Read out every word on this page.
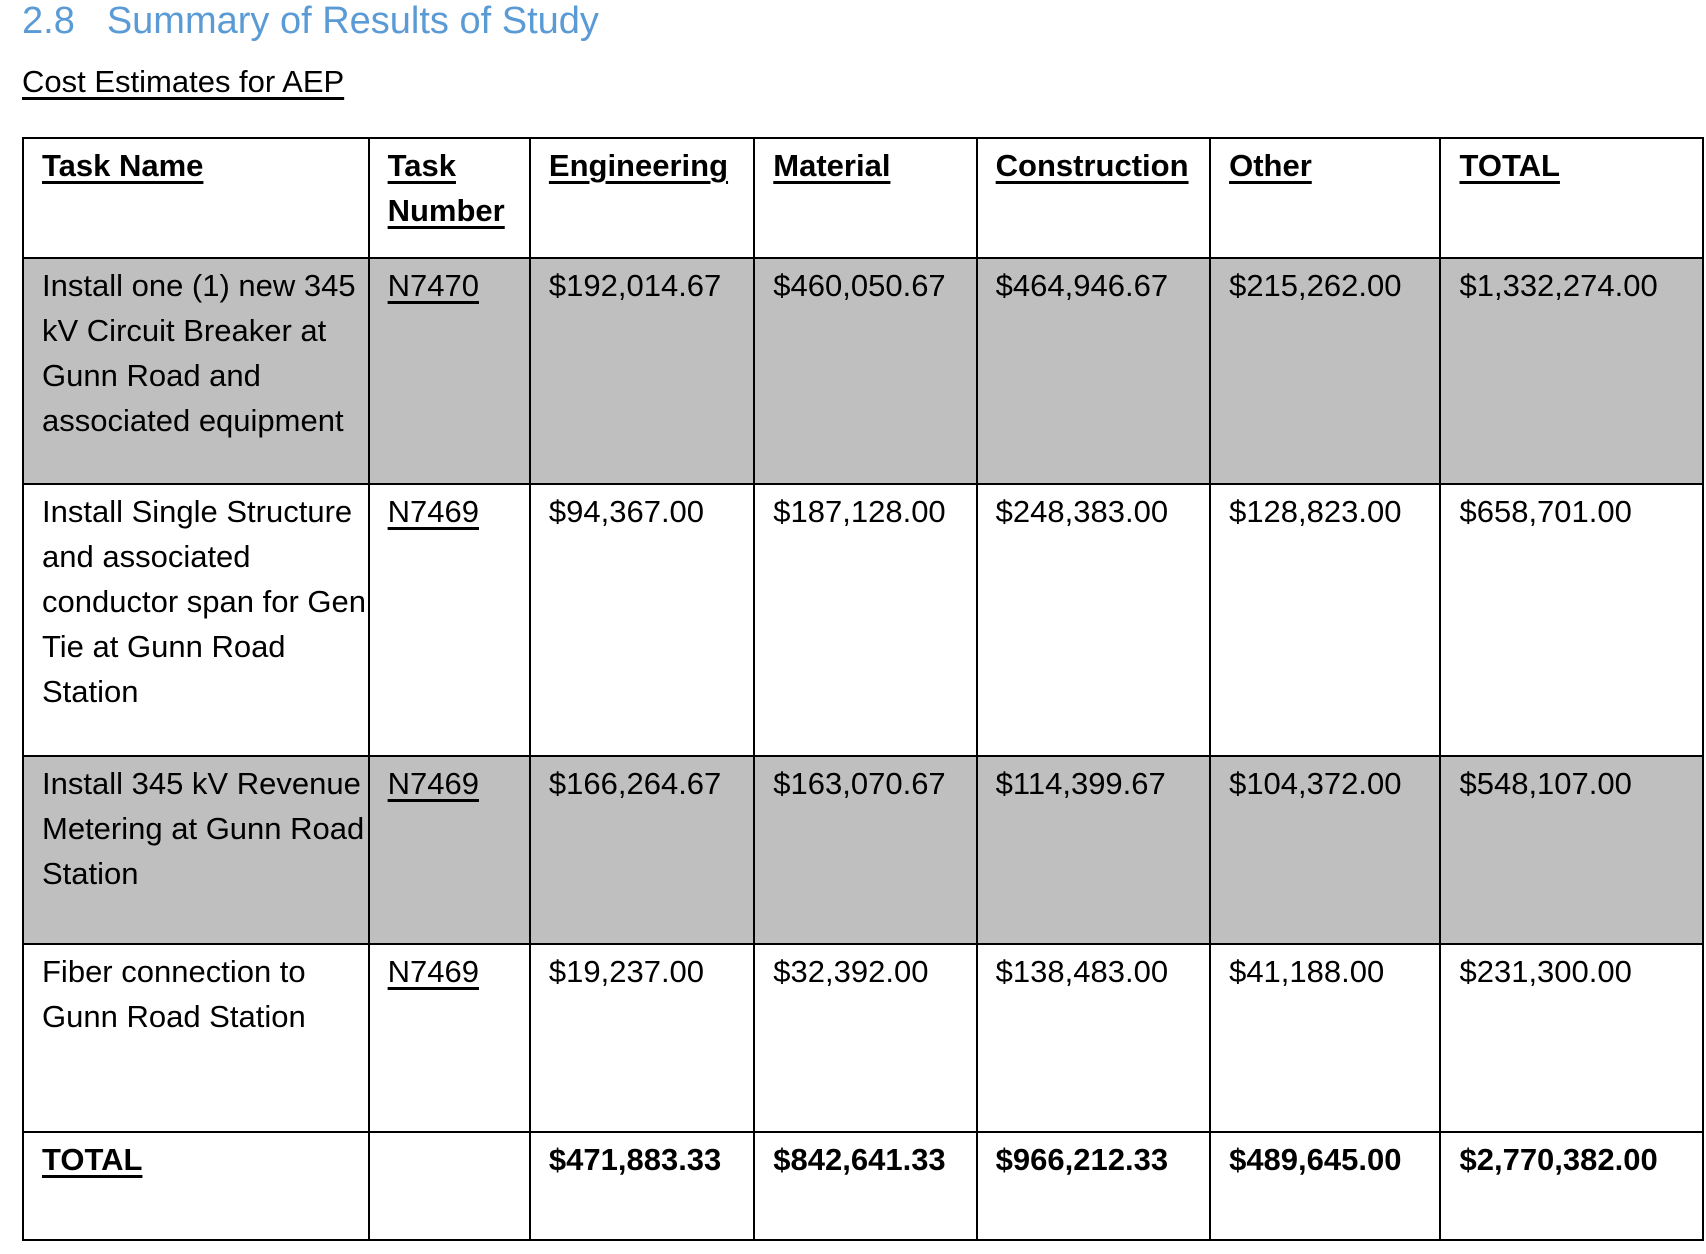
2.8 Summary of Results of Study
Cost Estimates for AEP
Task Name	Task Number	Engineering	Material	Construction	Other	TOTAL
Install one (1) new 345 kV Circuit Breaker at Gunn Road and associated equipment	N7470	$192,014.67	$460,050.67	$464,946.67	$215,262.00	$1,332,274.00
Install Single Structure and associated conductor span for Gen Tie at Gunn Road Station	N7469	$94,367.00	$187,128.00	$248,383.00	$128,823.00	$658,701.00
Install 345 kV Revenue Metering at Gunn Road Station	N7469	$166,264.67	$163,070.67	$114,399.67	$104,372.00	$548,107.00
Fiber connection to Gunn Road Station	N7469	$19,237.00	$32,392.00	$138,483.00	$41,188.00	$231,300.00
TOTAL		$471,883.33	$842,641.33	$966,212.33	$489,645.00	$2,770,382.00
